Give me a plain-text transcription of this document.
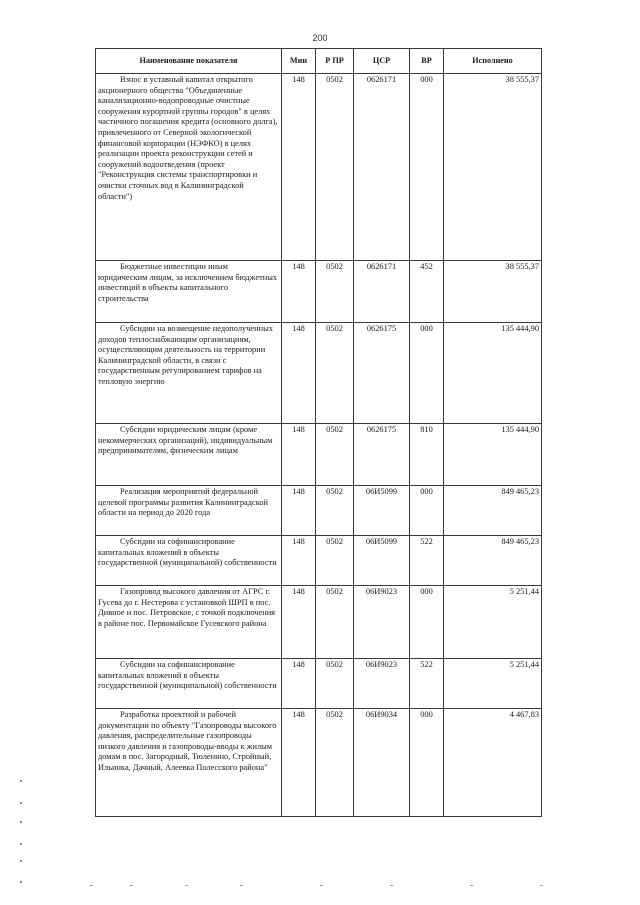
200
Наименование показателя	Мин	Р ПР	ЦСР	ВР	Исполнено
Взнос в уставный капитал открытого акционерного общества "Объединенные канализационно-водопроводные очистные сооружения курортной группы городов" в целях частичного погашения кредита (основного долга), привлеченного от Северной экологической финансовой корпорации (НЭФКО) в целях реализации проекта реконструкции сетей и сооружений водоотведения (проект "Реконструкция системы транспортировки и очистки сточных вод в Калининградской области")	148	0502	0626171	000	38 555,37
Бюджетные инвестиции иным юридическим лицам, за исключением бюджетных инвестиций в объекты капитального строительства	148	0502	0626171	452	38 555,37
Субсидии на возмещение недополученных доходов теплоснабжающим организациям, осуществляющим деятельность на территории Калининградской области, в связи с государственным регулированием тарифов на тепловую энергию	148	0502	0626175	000	135 444,90
Субсидии юридическим лицам (кроме некоммерческих организаций), индивидуальным предпринимателям, физическим лицам	148	0502	0626175	810	135 444,90
Реализация мероприятий федеральной целевой программы развития Калининградской области на период до 2020 года	148	0502	06И5099	000	849 465,23
Субсидии на софинансирование капитальных вложений в объекты государственной (муниципальной) собственности	148	0502	06И5099	522	849 465,23
Газопровод высокого давления от АГРС г. Гусева до г. Нестерова с установкой ШРП в пос. Дивное и пос. Петровское, с точкой подключения в районе пос. Первомайское Гусевского района	148	0502	06И9023	000	5 251,44
Субсидии на софинансирование капитальных вложений в объекты государственной (муниципальной) собственности	148	0502	06И9023	522	5 251,44
Разработка проектной и рабочей документации по объекту "Газопроводы высокого давления, распределительные газопроводы низкого давления и газопроводы-вводы к жилым домам в пос. Загородный, Тюленино, Стройный, Ильинка, Дачный, Алеевка Полесского района"	148	0502	06И9034	000	4 467,83
